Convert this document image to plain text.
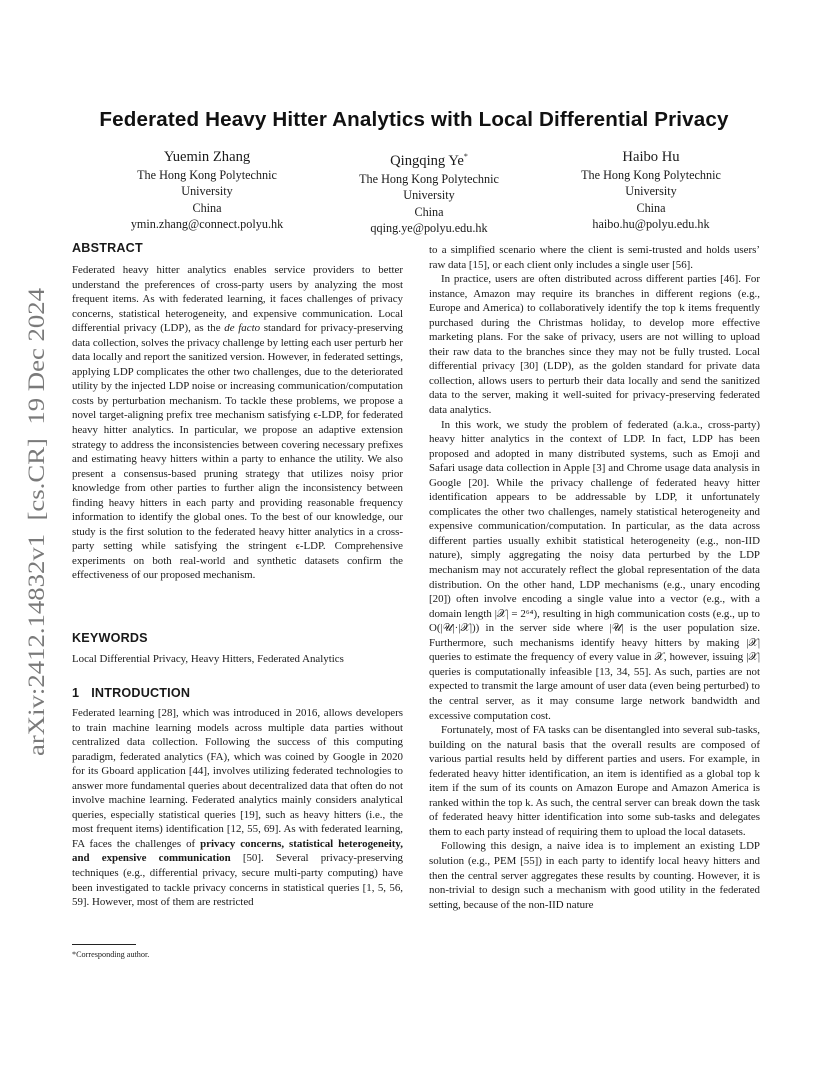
arXiv:2412.14832v1  [cs.CR]  19 Dec 2024
Federated Heavy Hitter Analytics with Local Differential Privacy
Yuemin Zhang
The Hong Kong Polytechnic
University
China
ymin.zhang@connect.polyu.hk
Qingqing Ye*
The Hong Kong Polytechnic
University
China
qqing.ye@polyu.edu.hk
Haibo Hu
The Hong Kong Polytechnic
University
China
haibo.hu@polyu.edu.hk
ABSTRACT

Federated heavy hitter analytics enables service providers to better understand the preferences of cross-party users by analyzing the most frequent items. As with federated learning, it faces challenges of privacy concerns, statistical heterogeneity, and expensive communication. Local differential privacy (LDP), as the de facto standard for privacy-preserving data collection, solves the privacy challenge by letting each user perturb her data locally and report the sanitized version. However, in federated settings, applying LDP complicates the other two challenges, due to the deteriorated utility by the injected LDP noise or increasing communication/computation costs by perturbation mechanism. To tackle these problems, we propose a novel target-aligning prefix tree mechanism satisfying ϵ-LDP, for federated heavy hitter analytics. In particular, we propose an adaptive extension strategy to address the inconsistencies between covering necessary prefixes and estimating heavy hitters within a party to enhance the utility. We also present a consensus-based pruning strategy that utilizes noisy prior knowledge from other parties to further align the inconsistency between finding heavy hitters in each party and providing reasonable frequency information to identify the global ones. To the best of our knowledge, our study is the first solution to the federated heavy hitter analytics in a cross-party setting while satisfying the stringent ϵ-LDP. Comprehensive experiments on both real-world and synthetic datasets confirm the effectiveness of our proposed mechanism.

KEYWORDS

Local Differential Privacy, Heavy Hitters, Federated Analytics

1 INTRODUCTION

Federated learning [28], which was introduced in 2016, allows developers to train machine learning models across multiple data parties without centralized data collection. Following the success of this computing paradigm, federated analytics (FA), which was coined by Google in 2020 for its Gboard application [44], involves utilizing federated technologies to answer more fundamental queries about decentralized data that often do not involve machine learning. Federated analytics mainly considers analytical queries, especially statistical queries [19], such as heavy hitters (i.e., the most frequent items) identification [12, 55, 69]. As with federated learning, FA faces the challenges of privacy concerns, statistical heterogeneity, and expensive communication [50]. Several privacy-preserving techniques (e.g., differential privacy, secure multi-party computing) have been investigated to tackle privacy concerns in statistical queries [1, 5, 56, 59]. However, most of them are restricted

to a simplified scenario where the client is semi-trusted and holds users’ raw data [15], or each client only includes a single user [56].

In practice, users are often distributed across different parties [46]. For instance, Amazon may require its branches in different regions (e.g., Europe and America) to collaboratively identify the top k items frequently purchased during the Christmas holiday, to develop more effective marketing plans. For the sake of privacy, users are not willing to upload their raw data to the branches since they may not be fully trusted. Local differential privacy [30] (LDP), as the golden standard for private data collection, allows users to perturb their data locally and send the sanitized data to the server, making it well-suited for privacy-preserving federated data analytics.

In this work, we study the problem of federated (a.k.a., cross-party) heavy hitter analytics in the context of LDP. In fact, LDP has been proposed and adopted in many distributed systems, such as Emoji and Safari usage data collection in Apple [3] and Chrome usage data analysis in Google [20]. While the privacy challenge of federated heavy hitter identification appears to be addressable by LDP, it unfortunately complicates the other two challenges, namely statistical heterogeneity and expensive communication/computation. In particular, as the data across different parties usually exhibit statistical heterogeneity (e.g., non-IID nature), simply aggregating the noisy data perturbed by the LDP mechanism may not accurately reflect the global representation of the data distribution. On the other hand, LDP mechanisms (e.g., unary encoding [20]) often involve encoding a single value into a vector (e.g., with a domain length |𝒳| = 2⁶⁴), resulting in high communication costs (e.g., up to O(|𝒰|·|𝒳|)) in the server side where |𝒰| is the user population size. Furthermore, such mechanisms identify heavy hitters by making |𝒳| queries to estimate the frequency of every value in 𝒳, however, issuing |𝒳| queries is computationally infeasible [13, 34, 55]. As such, parties are not expected to transmit the large amount of user data (even being perturbed) to the central server, as it may consume large network bandwidth and excessive computation cost.

Fortunately, most of FA tasks can be disentangled into several sub-tasks, building on the natural basis that the overall results are composed of various partial results held by different parties and users. For example, in federated heavy hitter identification, an item is identified as a global top k item if the sum of its counts on Amazon Europe and Amazon America is ranked within the top k. As such, the central server can break down the task of federated heavy hitter identification into some sub-tasks and delegates them to each party instead of requiring them to upload the local datasets.

Following this design, a naive idea is to implement an existing LDP solution (e.g., PEM [55]) in each party to identify local heavy hitters and then the central server aggregates these results by counting. However, it is non-trivial to design such a mechanism with good utility in the federated setting, because of the non-IID nature

*Corresponding author.
